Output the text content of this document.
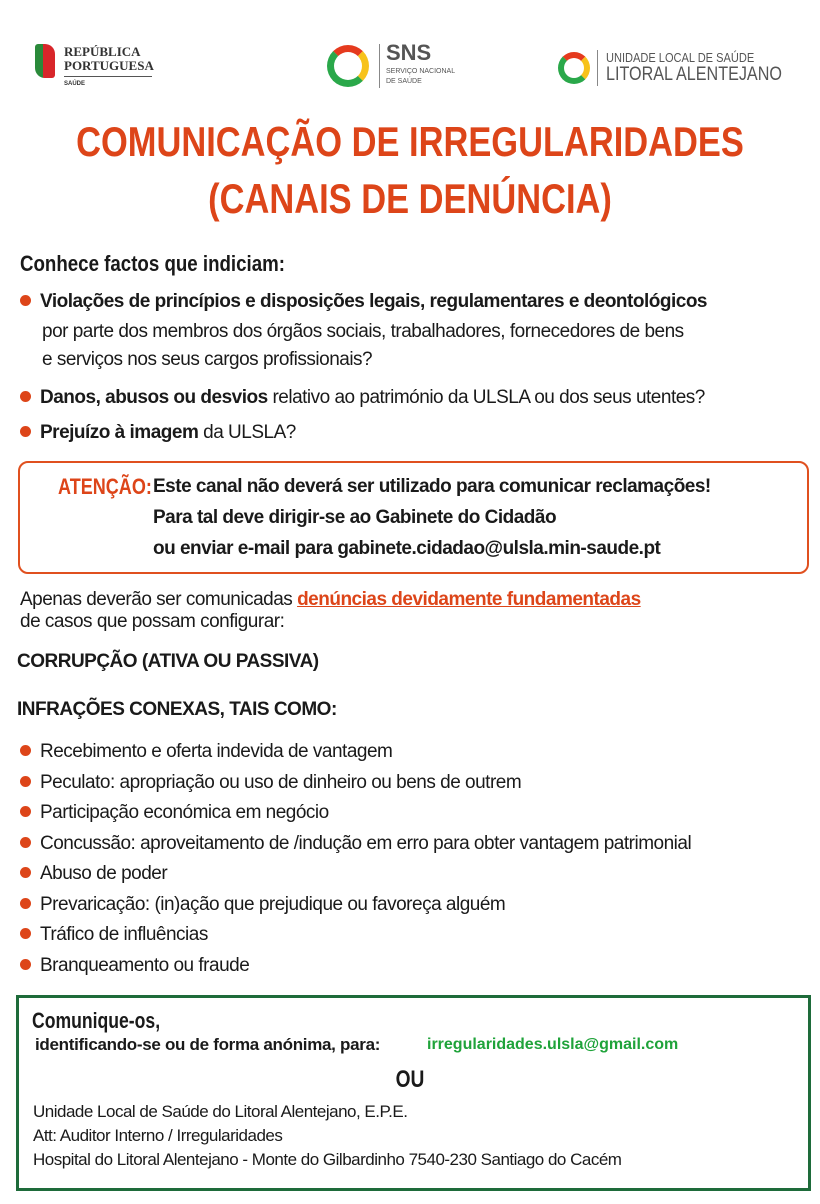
REPÚBLICA
PORTUGUESA
SAÚDE
SNS
SERVIÇO NACIONAL
DE SAÚDE
UNIDADE LOCAL DE SAÚDE
LITORAL ALENTEJANO
COMUNICAÇÃO DE IRREGULARIDADES
(CANAIS DE DENÚNCIA)
Conhece factos que indiciam:
Violações de princípios e disposições legais, regulamentares e deontológicos
por parte dos membros dos órgãos sociais, trabalhadores, fornecedores de bens
e serviços nos seus cargos profissionais?
Danos, abusos ou desvios relativo ao património da ULSLA ou dos seus utentes?
Prejuízo à imagem da ULSLA?
ATENÇÃO: Este canal não deverá ser utilizado para comunicar reclamações!
Para tal deve dirigir-se ao Gabinete do Cidadão
ou enviar e-mail para gabinete.cidadao@ulsla.min-saude.pt
Apenas deverão ser comunicadas denúncias devidamente fundamentadas
de casos que possam configurar:
CORRUPÇÃO (ATIVA OU PASSIVA)
INFRAÇÕES CONEXAS, TAIS COMO:
Recebimento e oferta indevida de vantagem
Peculato: apropriação ou uso de dinheiro ou bens de outrem
Participação económica em negócio
Concussão: aproveitamento de /indução em erro para obter vantagem patrimonial
Abuso de poder
Prevaricação: (in)ação que prejudique ou favoreça alguém
Tráfico de influências
Branqueamento ou fraude
Comunique-os,
identificando-se ou de forma anónima, para:	irregularidades.ulsla@gmail.com
OU
Unidade Local de Saúde do Litoral Alentejano, E.P.E.
Att: Auditor Interno / Irregularidades
Hospital do Litoral Alentejano - Monte do Gilbardinho 7540-230 Santiago do Cacém
